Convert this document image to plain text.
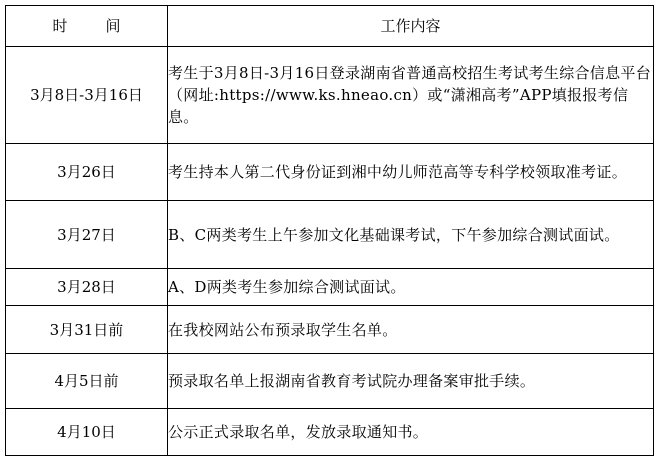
时间	工作内容
3月8日-3月16日	考生于3月8日-3月16日登录湖南省普通高校招生考试考生综合信息平台（网址:https://www.ks.hneao.cn）或“潇湘高考”APP填报报考信息。
3月26日	考生持本人第二代身份证到湘中幼儿师范高等专科学校领取准考证。
3月27日	B、C两类考生上午参加文化基础课考试，下午参加综合测试面试。
3月28日	A、D两类考生参加综合测试面试。
3月31日前	在我校网站公布预录取学生名单。
4月5日前	预录取名单上报湖南省教育考试院办理备案审批手续。
4月10日	公示正式录取名单，发放录取通知书。
